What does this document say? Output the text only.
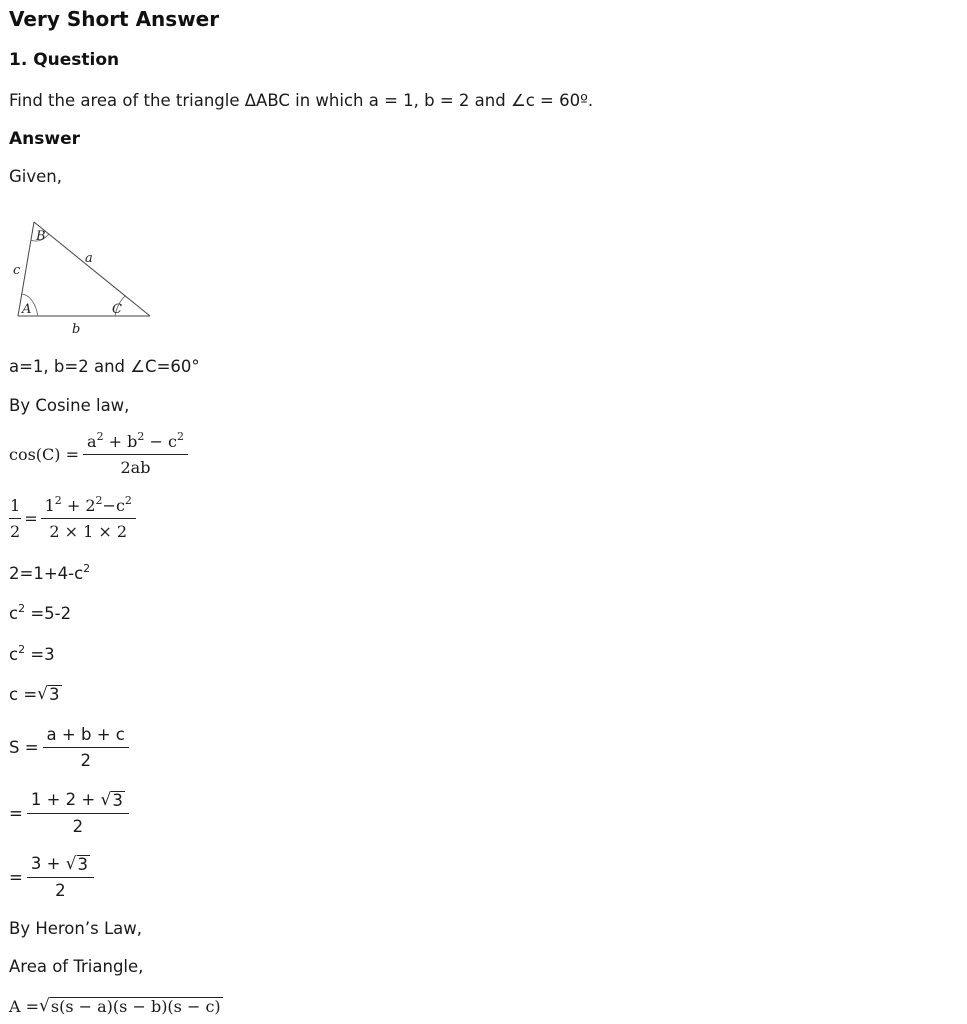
Very Short Answer
1. Question
Find the area of the triangle ΔABC in which a = 1, b = 2 and ∠c = 60º.
Answer
Given,
B
A	C
a
b
c
a=1, b=2 and ∠C=60°
By Cosine law,
$\cos(C) = \frac{a^2 + b^2 - c^2}{2ab}$
$\frac{1}{2} = \frac{1^2 + 2^2-c^2}{2 \times 1 \times 2}$
$2=1+4-c^2$
$c^2 =5-2$
$c^2 =3$
c = √ 3
$S = \frac{a + b + c}{2}$
= $\frac{1 + 2 + √ 3}{2}$
= $\frac{3 + √ 3}{2}$
By Heron’s Law,
Area of Triangle,
A = √ s(s − a)(s − b)(s − c)
